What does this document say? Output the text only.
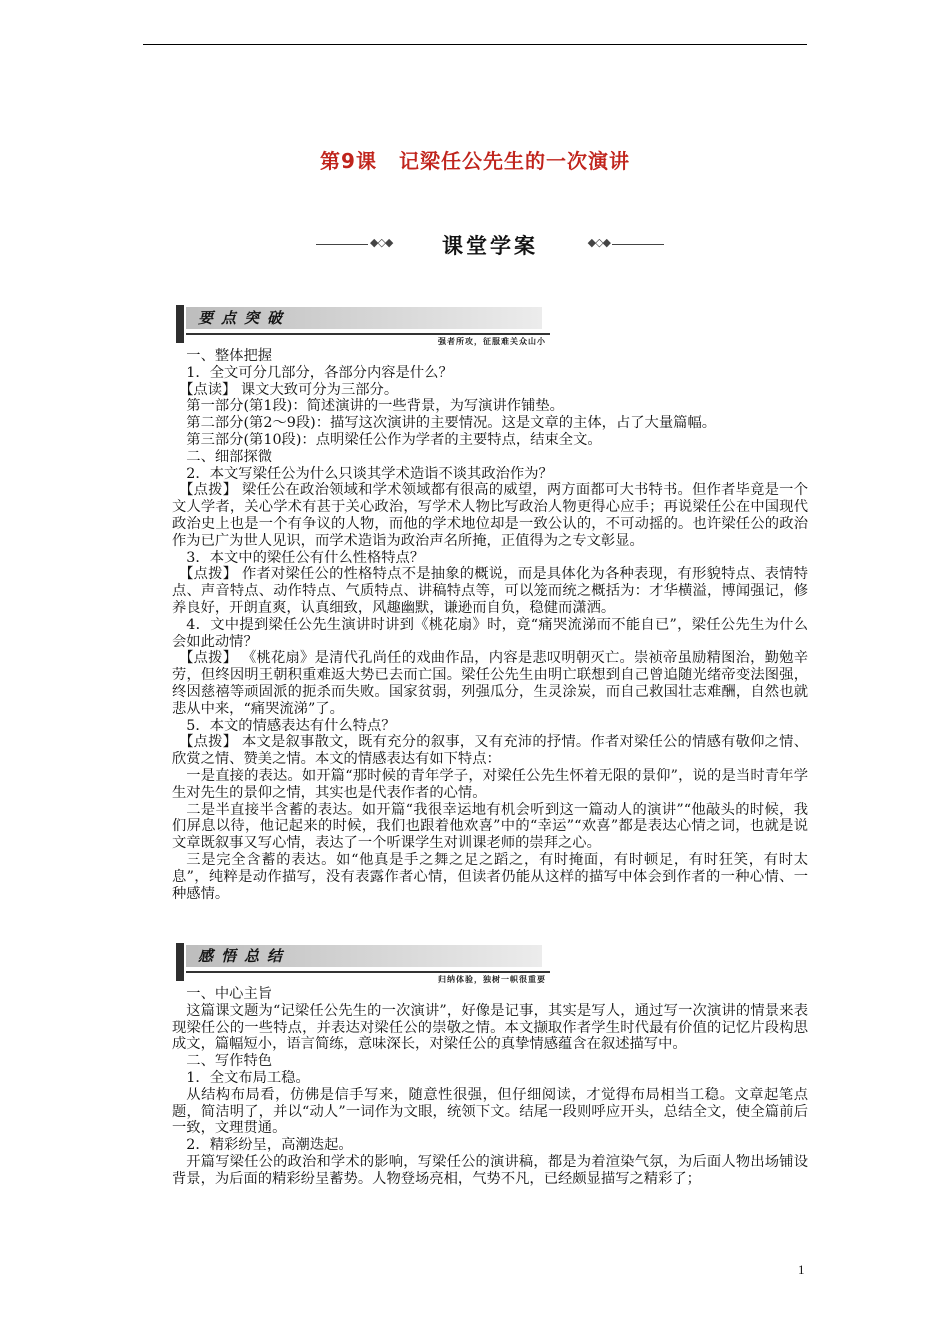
第9课 记梁任公先生的一次演讲
◆◇◆	课堂学案	◆◇◆
要点突破
强者所攻，征服难关众山小

一、整体把握

1．全文可分几部分，各部分内容是什么？

【点读】 课文大致可分为三部分。

第一部分(第1段)：简述演讲的一些背景，为写演讲作铺垫。

第二部分(第2～9段)：描写这次演讲的主要情况。这是文章的主体，占了大量篇幅。

第三部分(第10段)：点明梁任公作为学者的主要特点，结束全文。

二、细部探微

2．本文写梁任公为什么只谈其学术造诣不谈其政治作为？

【点拨】 梁任公在政治领域和学术领域都有很高的威望，两方面都可大书特书。但作者毕竟是一个文人学者，关心学术有甚于关心政治，写学术人物比写政治人物更得心应手；再说梁任公在中国现代政治史上也是一个有争议的人物，而他的学术地位却是一致公认的，不可动摇的。也许梁任公的政治作为已广为世人见识，而学术造诣为政治声名所掩，正值得为之专文彰显。

3．本文中的梁任公有什么性格特点？

【点拨】 作者对梁任公的性格特点不是抽象的概说，而是具体化为各种表现，有形貌特点、表情特点、声音特点、动作特点、气质特点、讲稿特点等，可以笼而统之概括为：才华横溢，博闻强记，修养良好，开朗直爽，认真细致，风趣幽默，谦逊而自负，稳健而潇洒。

4．文中提到梁任公先生演讲时讲到《桃花扇》时，竟“痛哭流涕而不能自已”，梁任公先生为什么会如此动情？

【点拨】 《桃花扇》是清代孔尚任的戏曲作品，内容是悲叹明朝灭亡。崇祯帝虽励精图治，勤勉辛劳，但终因明王朝积重难返大势已去而亡国。梁任公先生由明亡联想到自己曾追随光绪帝变法图强，终因慈禧等顽固派的扼杀而失败。国家贫弱，列强瓜分，生灵涂炭，而自己救国壮志难酬，自然也就悲从中来，“痛哭流涕”了。

5．本文的情感表达有什么特点？

【点拨】 本文是叙事散文，既有充分的叙事，又有充沛的抒情。作者对梁任公的情感有敬仰之情、欣赏之情、赞美之情。本文的情感表达有如下特点：

一是直接的表达。如开篇“那时候的青年学子，对梁任公先生怀着无限的景仰”，说的是当时青年学生对先生的景仰之情，其实也是代表作者的心情。

二是半直接半含蓄的表达。如开篇“我很幸运地有机会听到这一篇动人的演讲”“他敲头的时候，我们屏息以待，他记起来的时候，我们也跟着他欢喜”中的“幸运”“欢喜”都是表达心情之词，也就是说文章既叙事又写心情，表达了一个听课学生对训课老师的崇拜之心。

三是完全含蓄的表达。如“他真是手之舞之足之蹈之，有时掩面，有时顿足，有时狂笑，有时太息”，纯粹是动作描写，没有表露作者心情，但读者仍能从这样的描写中体会到作者的一种心情、一种感情。

感悟总结
归纳体验，独树一帜很重要

一、中心主旨

这篇课文题为“记梁任公先生的一次演讲”，好像是记事，其实是写人，通过写一次演讲的情景来表现梁任公的一些特点，并表达对梁任公的崇敬之情。本文撷取作者学生时代最有价值的记忆片段构思成文，篇幅短小，语言简练，意味深长，对梁任公的真挚情感蕴含在叙述描写中。

二、写作特色

1．全文布局工稳。

从结构布局看，仿佛是信手写来，随意性很强，但仔细阅读，才觉得布局相当工稳。文章起笔点题，简洁明了，并以“动人”一词作为文眼，统领下文。结尾一段则呼应开头，总结全文，使全篇前后一致，文理贯通。

2．精彩纷呈，高潮迭起。

开篇写梁任公的政治和学术的影响，写梁任公的演讲稿，都是为着渲染气氛，为后面人物出场铺设背景，为后面的精彩纷呈蓄势。人物登场亮相，气势不凡，已经颇显描写之精彩了；

1
